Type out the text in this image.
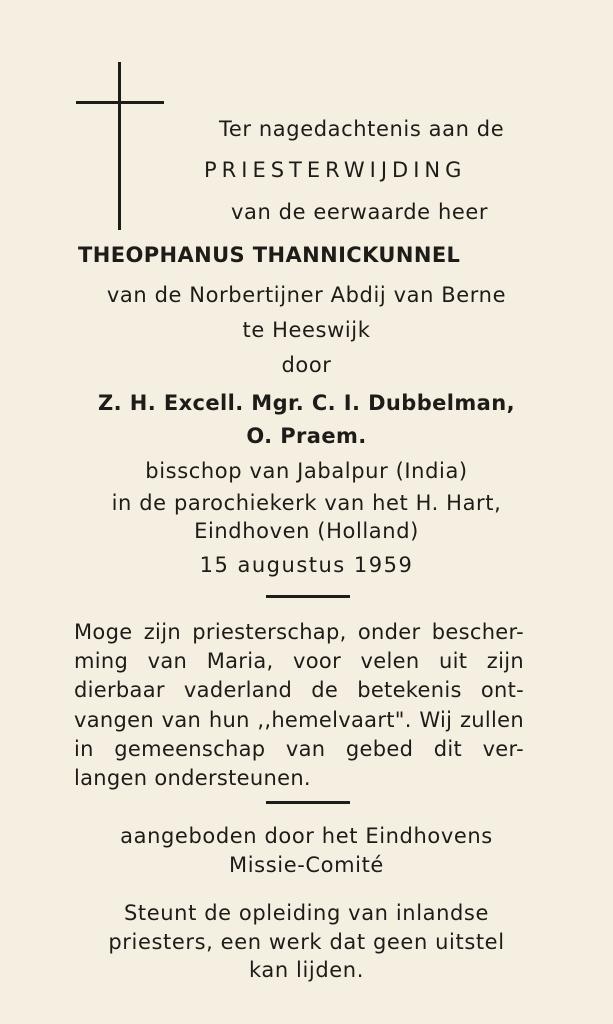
Ter nagedachtenis aan de
PRIESTERWIJDING
van de eerwaarde heer
THEOPHANUS THANNICKUNNEL
van de Norbertijner Abdij van Berne
te Heeswijk
door
Z. H. Excell. Mgr. C. I. Dubbelman,
O. Praem.
bisschop van Jabalpur (India)
in de parochiekerk van het H. Hart,
Eindhoven (Holland)
15 augustus 1959
Moge zijn priesterschap, onder bescher-
ming van Maria, voor velen uit zijn
dierbaar vaderland de betekenis ont-
vangen van hun ,,hemelvaart". Wij zullen
in gemeenschap van gebed dit ver-
langen ondersteunen.
aangeboden door het Eindhovens
Missie-Comité
Steunt de opleiding van inlandse
priesters, een werk dat geen uitstel
kan lijden.
